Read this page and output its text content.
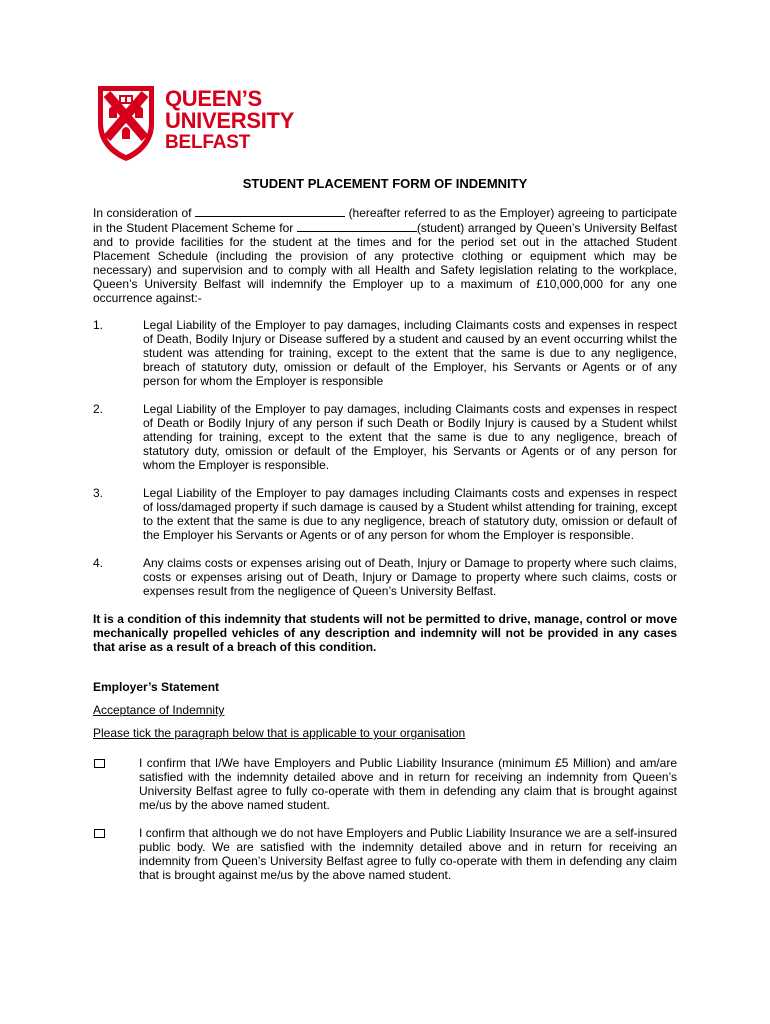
QUEEN’S
UNIVERSITY
BELFAST
STUDENT PLACEMENT FORM OF INDEMNITY

In consideration of	(hereafter referred to as the Employer) agreeing to participate in the Student Placement Scheme for	(student) arranged by Queen’s University Belfast and to provide facilities for the student at the times and for the period set out in the attached Student Placement Schedule (including the provision of any protective clothing or equipment which may be necessary) and supervision and to comply with all Health and Safety legislation relating to the workplace, Queen’s University Belfast will indemnify the Employer up to a maximum of £10,000,000 for any one occurrence against:-

1.	Legal Liability of the Employer to pay damages, including Claimants costs and expenses in respect of Death, Bodily Injury or Disease suffered by a student and caused by an event occurring whilst the student was attending for training, except to the extent that the same is due to any negligence, breach of statutory duty, omission or default of the Employer, his Servants or Agents or of any person for whom the Employer is responsible
2.	Legal Liability of the Employer to pay damages, including Claimants costs and expenses in respect of Death or Bodily Injury of any person if such Death or Bodily Injury is caused by a Student whilst attending for training, except to the extent that the same is due to any negligence, breach of statutory duty, omission or default of the Employer, his Servants or Agents or of any person for whom the Employer is responsible.
3.	Legal Liability of the Employer to pay damages including Claimants costs and expenses in respect of loss/damaged property if such damage is caused by a Student whilst attending for training, except to the extent that the same is due to any negligence, breach of statutory duty, omission or default of the Employer his Servants or Agents or of any person for whom the Employer is responsible.
4.	Any claims costs or expenses arising out of Death, Injury or Damage to property where such claims, costs or expenses arising out of Death, Injury or Damage to property where such claims, costs or expenses result from the negligence of Queen’s University Belfast.

It is a condition of this indemnity that students will not be permitted to drive, manage, control or move mechanically propelled vehicles of any description and indemnity will not be provided in any cases that arise as a result of a breach of this condition.

Employer’s Statement

Acceptance of Indemnity

Please tick the paragraph below that is applicable to your organisation

I confirm that I/We have Employers and Public Liability Insurance (minimum £5 Million) and am/are satisfied with the indemnity detailed above and in return for receiving an indemnity from Queen’s University Belfast agree to fully co-operate with them in defending any claim that is brought against me/us by the above named student.
I confirm that although we do not have Employers and Public Liability Insurance we are a self-insured public body. We are satisfied with the indemnity detailed above and in return for receiving an indemnity from Queen’s University Belfast agree to fully co-operate with them in defending any claim that is brought against me/us by the above named student.
